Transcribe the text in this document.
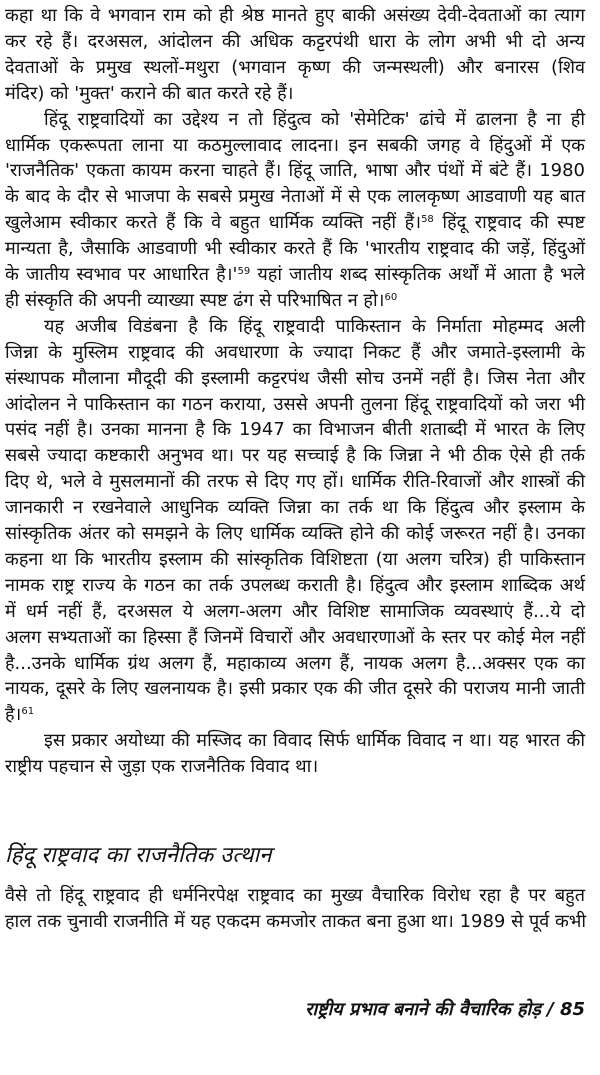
कहा था कि वे भगवान राम को ही श्रेष्ठ मानते हुए बाकी असंख्य देवी-देवताओं का त्याग
कर रहे हैं। दरअसल, आंदोलन की अधिक कट्टरपंथी धारा के लोग अभी भी दो अन्य
देवताओं के प्रमुख स्थलों-मथुरा (भगवान कृष्ण की जन्मस्थली) और बनारस (शिव
मंदिर) को 'मुक्त' कराने की बात करते रहे हैं।
हिंदू राष्ट्रवादियों का उद्देश्य न तो हिंदुत्व को 'सेमेटिक' ढांचे में ढालना है ना ही
धार्मिक एकरूपता लाना या कठमुल्लावाद लादना। इन सबकी जगह वे हिंदुओं में एक
'राजनैतिक' एकता कायम करना चाहते हैं। हिंदू जाति, भाषा और पंथों में बंटे हैं। 1980
के बाद के दौर से भाजपा के सबसे प्रमुख नेताओं में से एक लालकृष्ण आडवाणी यह बात
खुलेआम स्वीकार करते हैं कि वे बहुत धार्मिक व्यक्ति नहीं हैं।$^{58}$ हिंदू राष्ट्रवाद की स्पष्ट
मान्यता है, जैसाकि आडवाणी भी स्वीकार करते हैं कि 'भारतीय राष्ट्रवाद की जड़ें, हिंदुओं
के जातीय स्वभाव पर आधारित $है।'^{59}$ यहां जातीय शब्द सांस्कृतिक अर्थों में आता है भले
ही संस्कृति की अपनी व्याख्या स्पष्ट ढंग से परिभाषित न हो।$^{60}$
यह अजीब विडंबना है कि हिंदू राष्ट्रवादी पाकिस्तान के निर्माता मोहम्मद अली
जिन्ना के मुस्लिम राष्ट्रवाद की अवधारणा के ज्यादा निकट हैं और जमाते-इस्लामी के
संस्थापक मौलाना मौदूदी की इस्लामी कट्टरपंथ जैसी सोच उनमें नहीं है। जिस नेता और
आंदोलन ने पाकिस्तान का गठन कराया, उससे अपनी तुलना हिंदू राष्ट्रवादियों को जरा भी
पसंद नहीं है। उनका मानना है कि 1947 का विभाजन बीती शताब्दी में भारत के लिए
सबसे ज्यादा कष्टकारी अनुभव था। पर यह सच्चाई है कि जिन्ना ने भी ठीक ऐसे ही तर्क
दिए थे, भले वे मुसलमानों की तरफ से दिए गए हों। धार्मिक रीति-रिवाजों और शास्त्रों की
जानकारी न रखनेवाले आधुनिक व्यक्ति जिन्ना का तर्क था कि हिंदुत्व और इस्लाम के
सांस्कृतिक अंतर को समझने के लिए धार्मिक व्यक्ति होने की कोई जरूरत नहीं है। उनका
कहना था कि भारतीय इस्लाम की सांस्कृतिक विशिष्टता (या अलग चरित्र) ही पाकिस्तान
नामक राष्ट्र राज्य के गठन का तर्क उपलब्ध कराती है। हिंदुत्व और इस्लाम शाब्दिक अर्थ
में धर्म नहीं हैं, दरअसल ये अलग-अलग और विशिष्ट सामाजिक व्यवस्थाएं हैं...ये दो
अलग सभ्यताओं का हिस्सा हैं जिनमें विचारों और अवधारणाओं के स्तर पर कोई मेल नहीं
है...उनके धार्मिक ग्रंथ अलग हैं, महाकाव्य अलग हैं, नायक अलग है...अक्सर एक का
नायक, दूसरे के लिए खलनायक है। इसी प्रकार एक की जीत दूसरे की पराजय मानी जाती
है।$^{61}$
इस प्रकार अयोध्या की मस्जिद का विवाद सिर्फ धार्मिक विवाद न था। यह भारत की
राष्ट्रीय पहचान से जुड़ा एक राजनैतिक विवाद था।
वैसे तो हिंदू राष्ट्रवाद ही धर्मनिरपेक्ष राष्ट्रवाद का मुख्य वैचारिक विरोध रहा है पर बहुत
हाल तक चुनावी राजनीति में यह एकदम कमजोर ताकत बना हुआ था। 1989 से पूर्व कभी
हिंदू राष्ट्रवाद का राजनैतिक उत्थान
राष्ट्रीय प्रभाव बनाने की वैचारिक होड़ / 85
